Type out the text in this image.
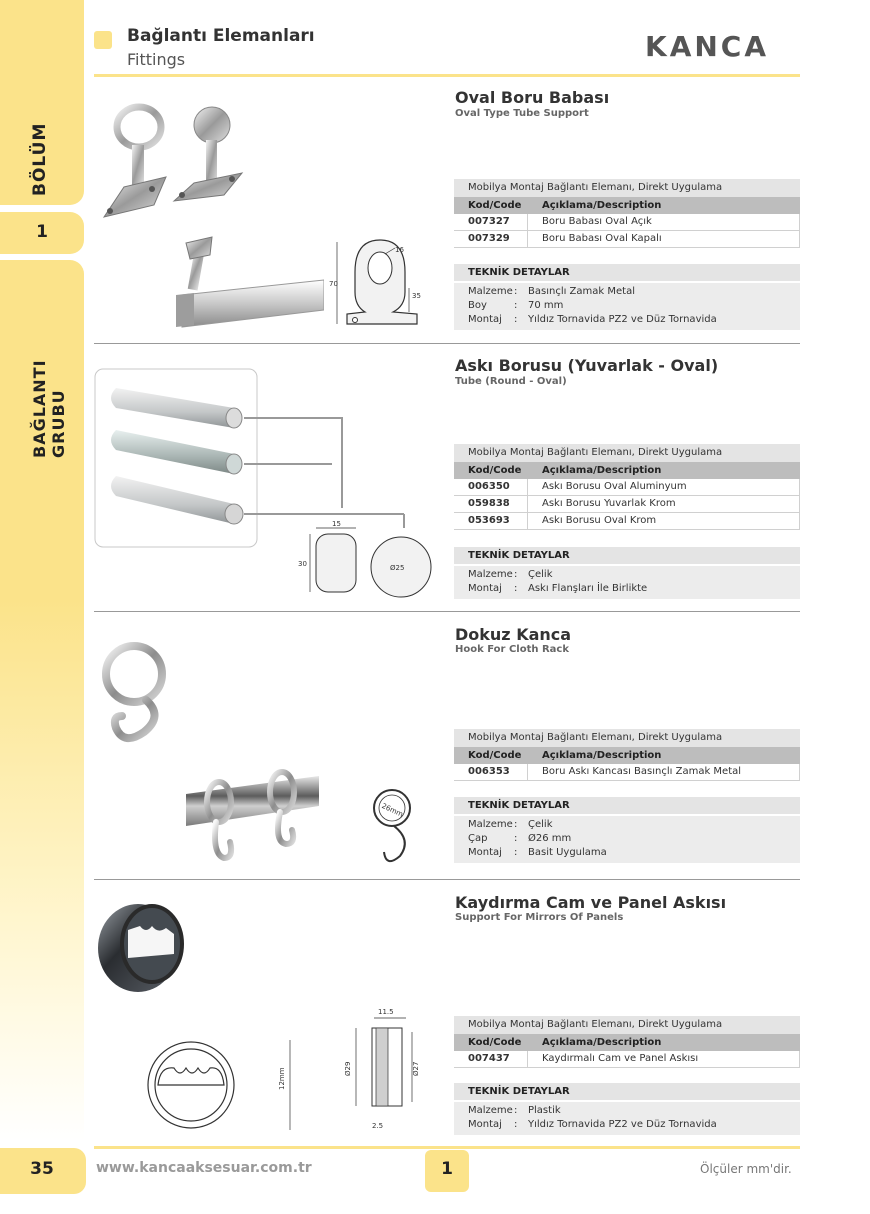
BÖLÜM
1
BAĞLANTI GRUBU
35
Bağlantı Elemanları
Fittings	KANCA
Oval Boru Babası
Oval Type Tube Support
16
70
35
Mobilya Montaj Bağlantı Elemanı, Direkt Uygulama
Kod/Code	Açıklama/Description
007327	Boru Babası Oval Açık
007329	Boru Babası Oval Kapalı
TEKNİK DETAYLAR
Malzeme :	Basınçlı Zamak Metal
Boy	:	70 mm
Montaj	:	Yıldız Tornavida PZ2 ve Düz Tornavida
Askı Borusu (Yuvarlak - Oval)
Tube (Round - Oval)
15
30	Ø25
Mobilya Montaj Bağlantı Elemanı, Direkt Uygulama
Kod/Code	Açıklama/Description
006350	Askı Borusu Oval Aluminyum
059838	Askı Borusu Yuvarlak Krom
053693	Askı Borusu Oval Krom
TEKNİK DETAYLAR
Malzeme :	Çelik
Montaj	:	Askı Flanşları İle Birlikte
Dokuz Kanca
Hook For Cloth Rack
26mm
Mobilya Montaj Bağlantı Elemanı, Direkt Uygulama
Kod/Code	Açıklama/Description
006353	Boru Askı Kancası Basınçlı Zamak Metal
TEKNİK DETAYLAR
Malzeme :	Çelik
Çap	:	Ø26 mm
Montaj	:	Basit Uygulama
Kaydırma Cam ve Panel Askısı
Support For Mirrors Of Panels
12mm
11.5
Ø29	Ø27
2.5
Mobilya Montaj Bağlantı Elemanı, Direkt Uygulama
Kod/Code	Açıklama/Description
007437	Kaydırmalı Cam ve Panel Askısı
TEKNİK DETAYLAR
Malzeme :	Plastik
Montaj	:	Yıldız Tornavida PZ2 ve Düz Tornavida
www.kancaaksesuar.com.tr	1	Ölçüler mm'dir.
